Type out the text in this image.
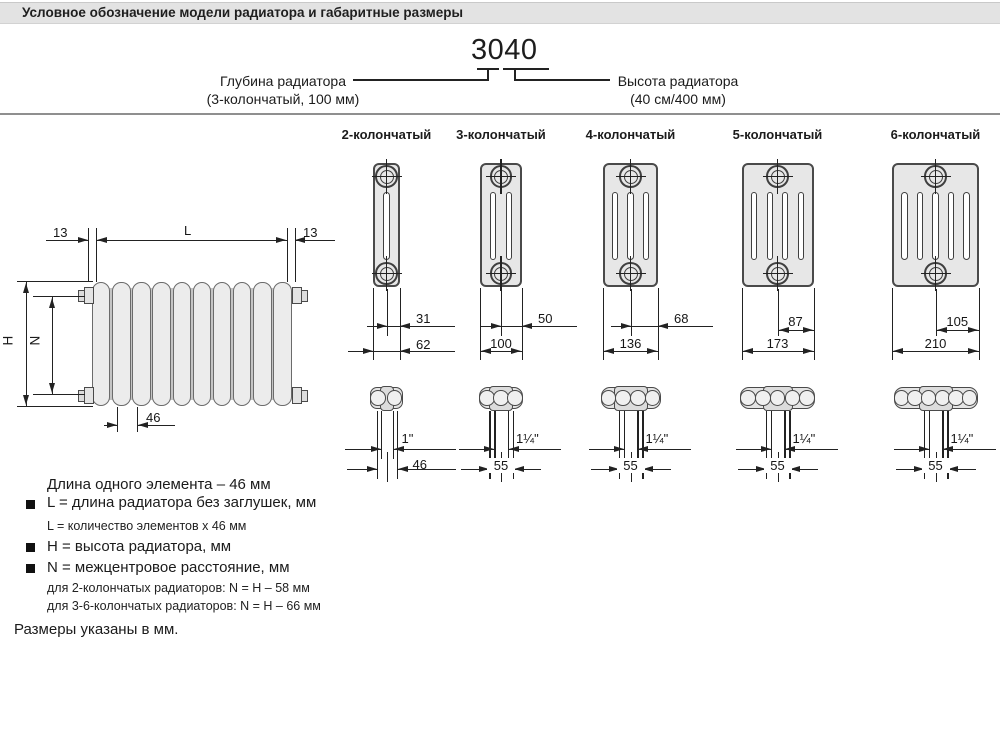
Условное обозначение модели радиатора и габаритные размеры
3040
Глубина радиатора
(3-колончатый, 100 мм)
Высота радиатора
(40 см/400 мм)
H N
13	L	13
46
2-колончатый
31
62
1"
46
3-колончатый
50
100
1¼"
55
4-колончатый
68
136
1¼"
55
5-колончатый
87
173
1¼"
55
6-колончатый
105
210
1¼"
55
Длина одного элемента – 46 мм
L = длина радиатора без заглушек, мм
L = количество элементов x 46 мм
H = высота радиатора, мм
N = межцентровое расстояние, мм
для 2-колончатых радиаторов: N = H – 58 мм
для 3-6-колончатых радиаторов: N = H – 66 мм
Размеры указаны в мм.
